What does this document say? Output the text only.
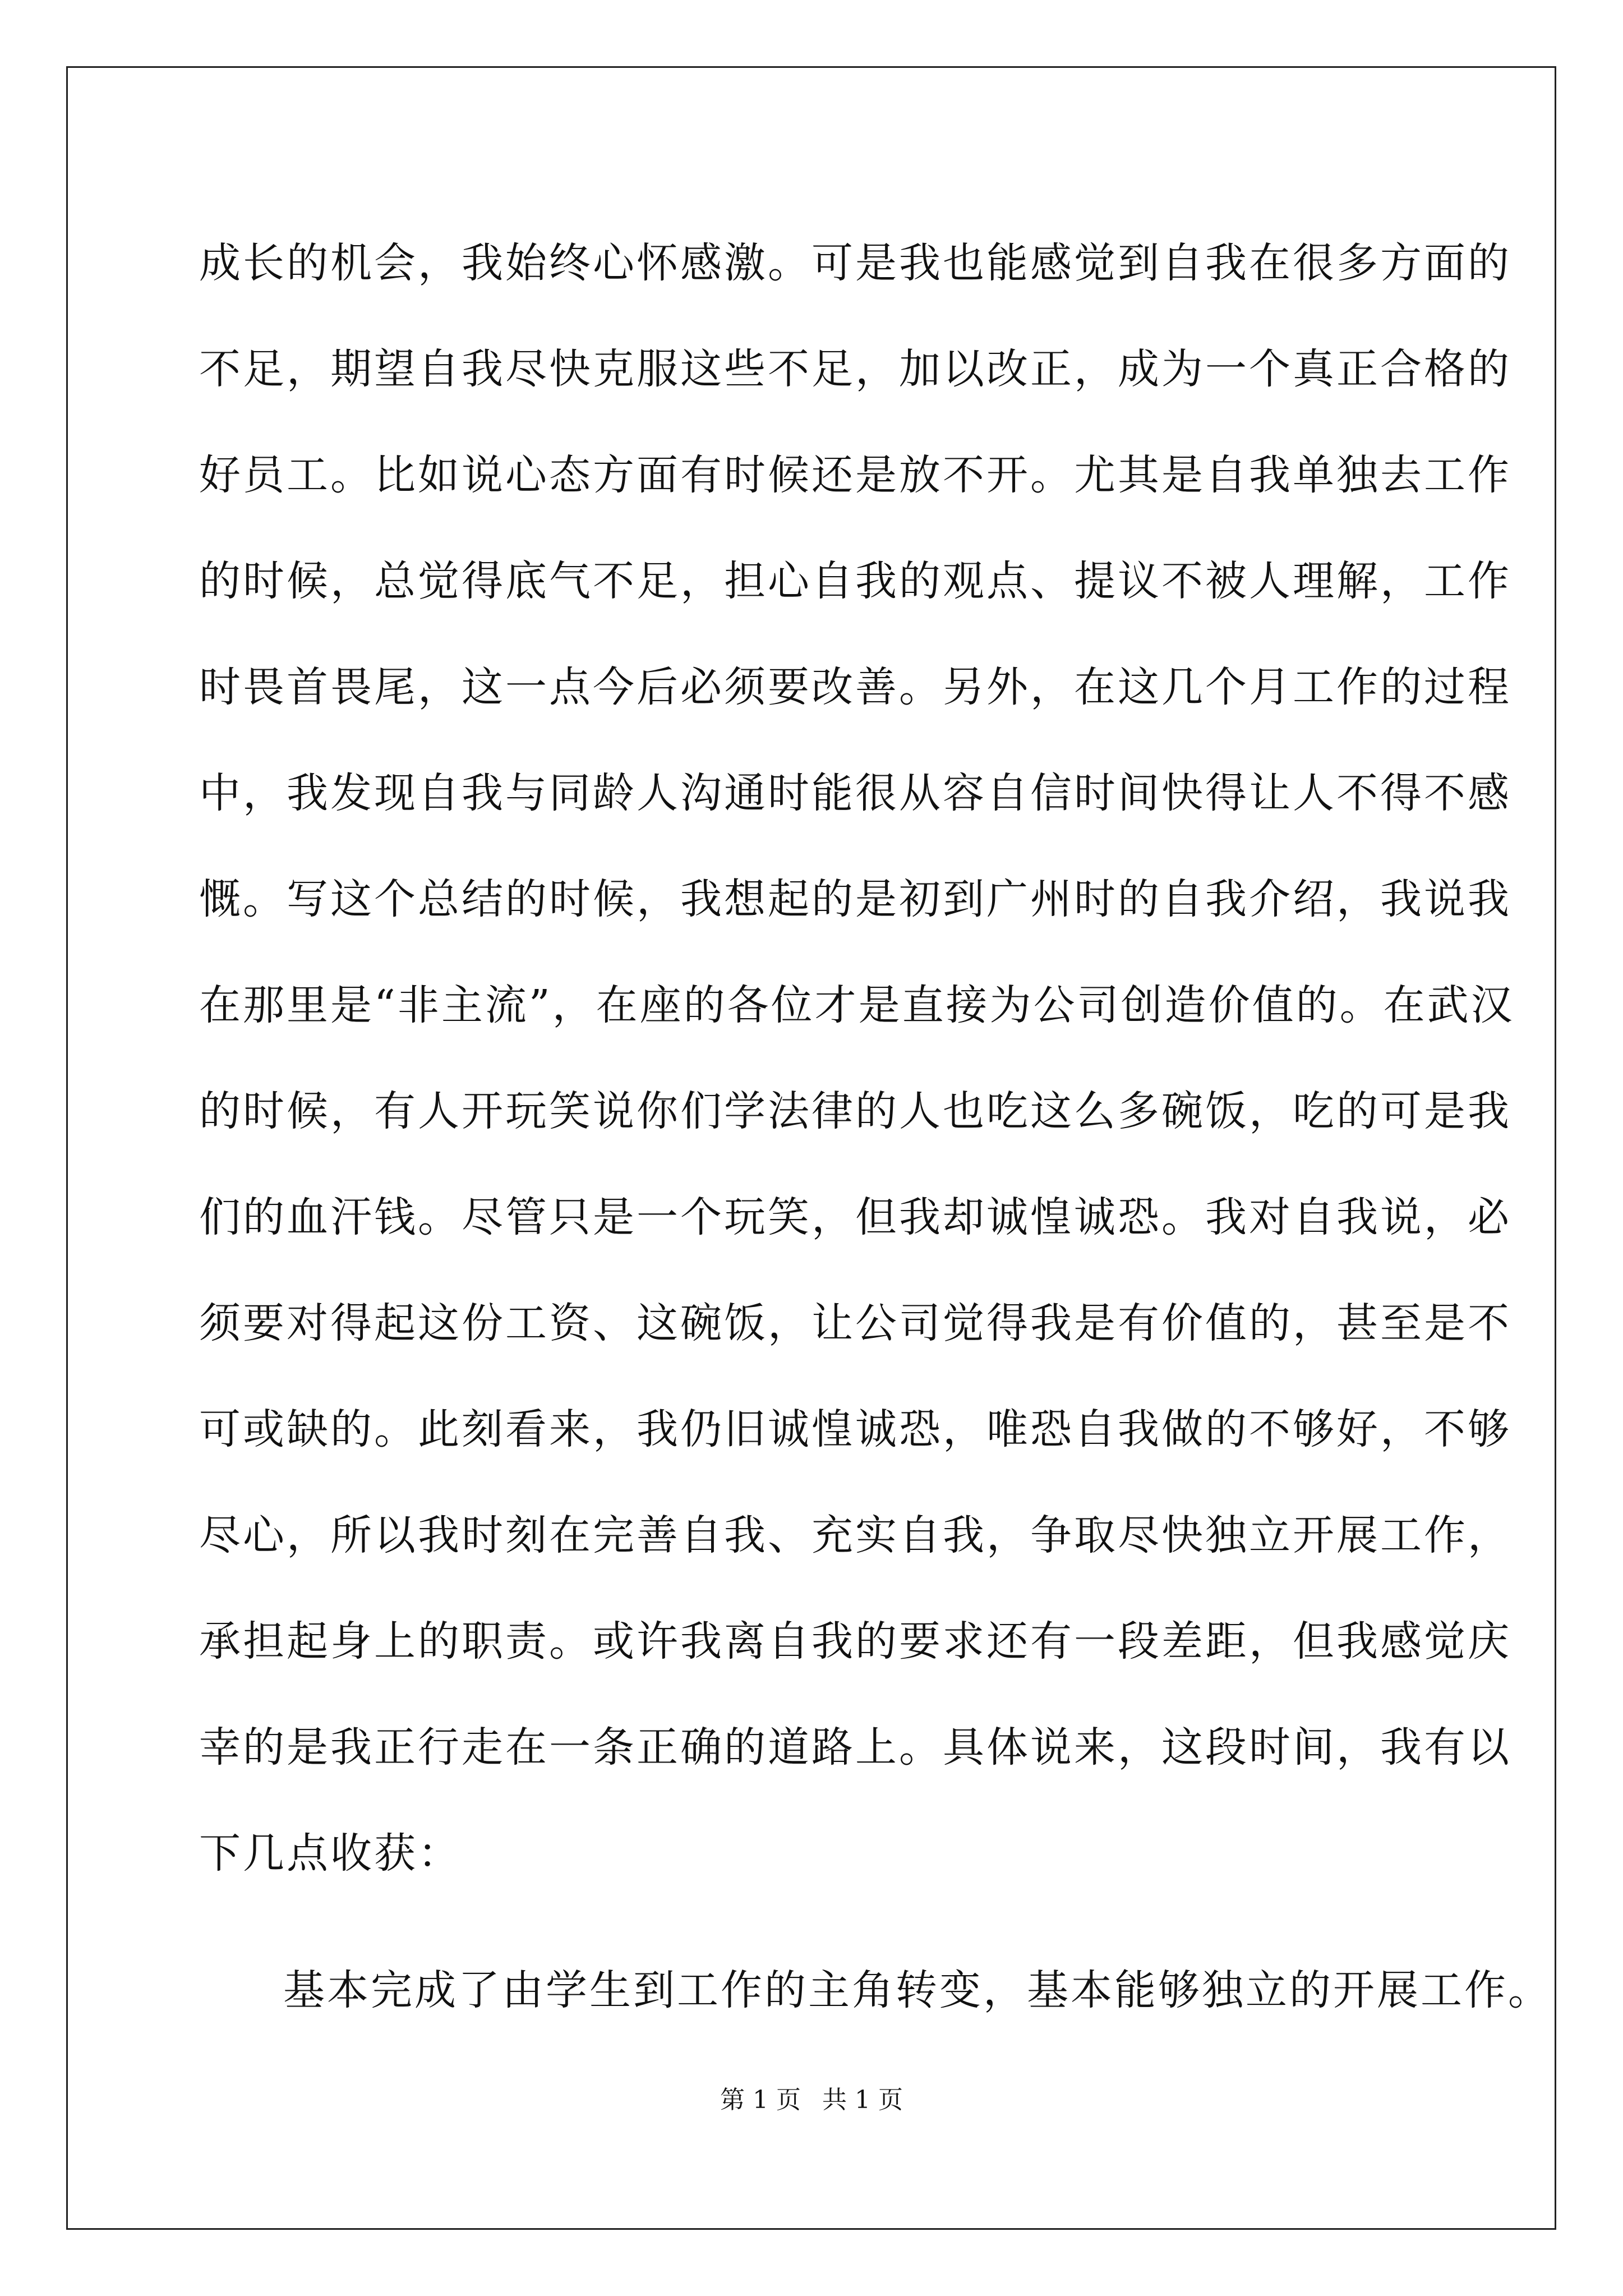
成长的机会，我始终心怀感激。可是我也能感觉到自我在很多方面的
不足，期望自我尽快克服这些不足，加以改正，成为一个真正合格的
好员工。比如说心态方面有时候还是放不开。尤其是自我单独去工作
的时候，总觉得底气不足，担心自我的观点、提议不被人理解，工作
时畏首畏尾，这一点今后必须要改善。另外，在这几个月工作的过程
中，我发现自我与同龄人沟通时能很从容自信时间快得让人不得不感
慨。写这个总结的时候，我想起的是初到广州时的自我介绍，我说我
在那里是“非主流”，在座的各位才是直接为公司创造价值的。在武汉
的时候，有人开玩笑说你们学法律的人也吃这么多碗饭，吃的可是我
们的血汗钱。尽管只是一个玩笑，但我却诚惶诚恐。我对自我说，必
须要对得起这份工资、这碗饭，让公司觉得我是有价值的，甚至是不
可或缺的。此刻看来，我仍旧诚惶诚恐，唯恐自我做的不够好，不够
尽心，所以我时刻在完善自我、充实自我，争取尽快独立开展工作，
承担起身上的职责。或许我离自我的要求还有一段差距，但我感觉庆
幸的是我正行走在一条正确的道路上。具体说来，这段时间，我有以
下几点收获：
基本完成了由学生到工作的主角转变，基本能够独立的开展工作。
第 1 页 共 1 页
